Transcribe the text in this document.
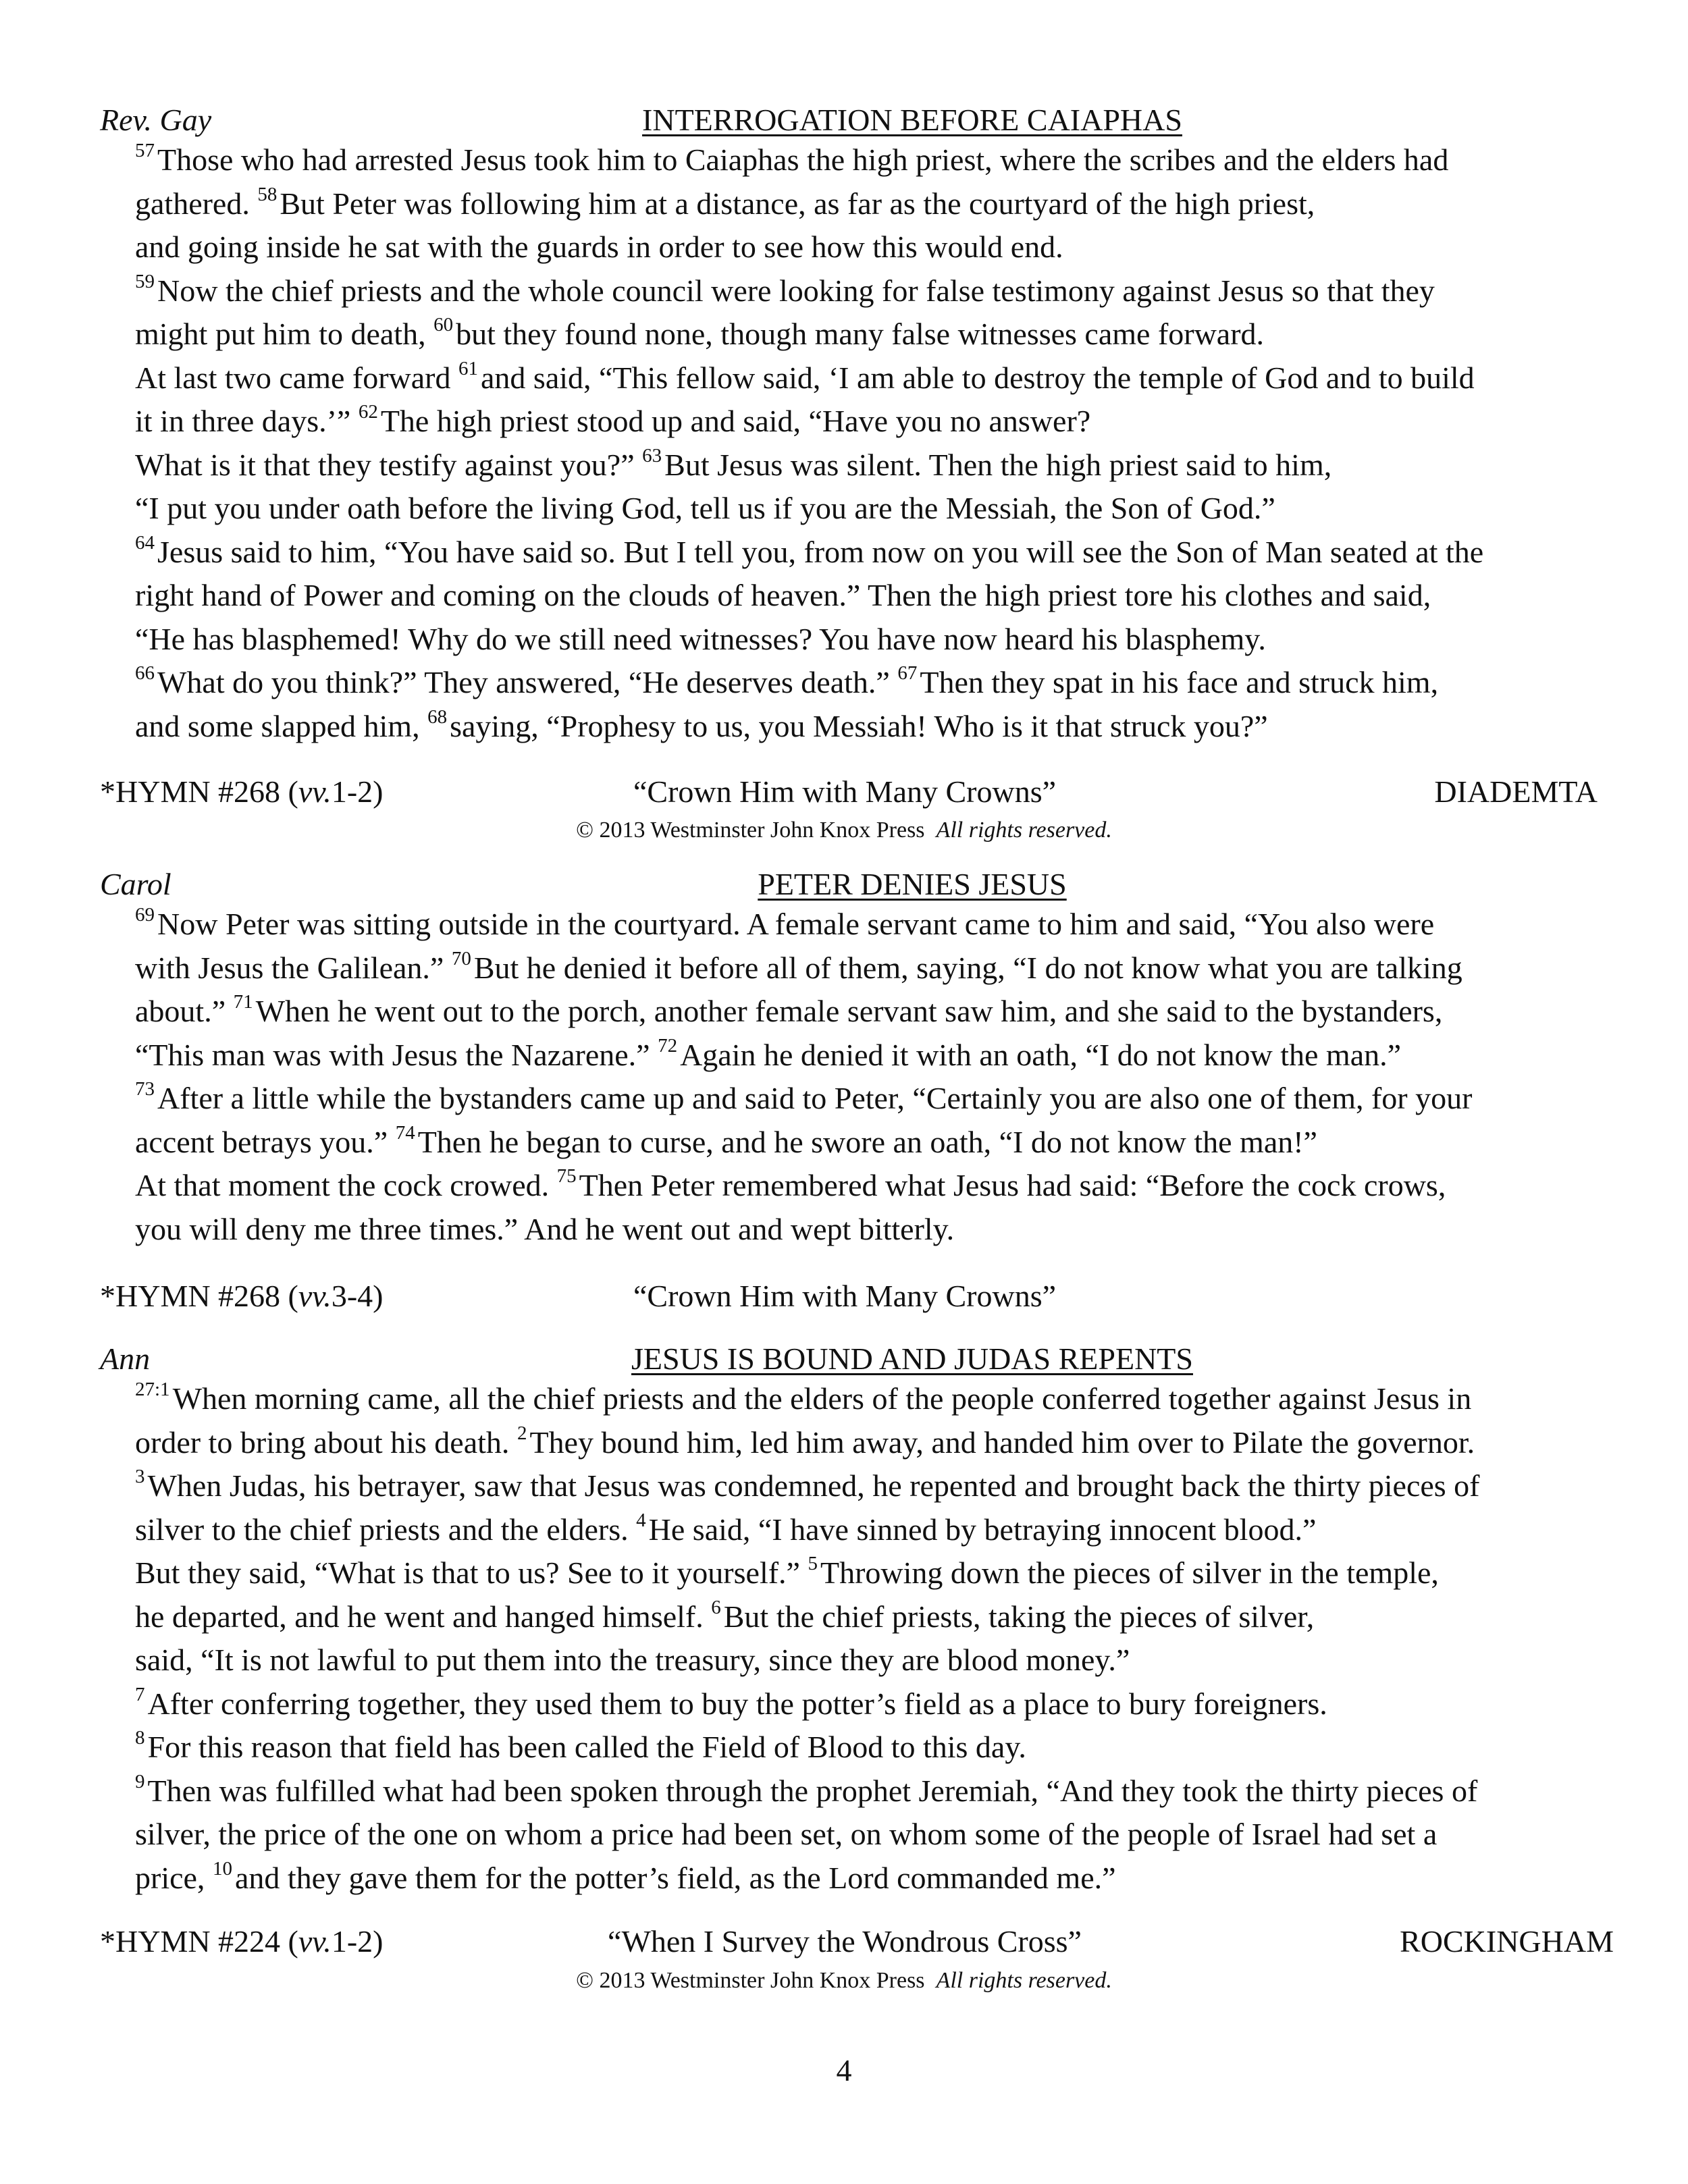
Rev. Gay	INTERROGATION BEFORE CAIAPHAS
$^{57}$Those who had arrested Jesus took him to Caiaphas the high priest, where the scribes and the elders had
gathered. $^{58}$But Peter was following him at a distance, as far as the courtyard of the high priest,
and going inside he sat with the guards in order to see how this would end.
$^{59}$Now the chief priests and the whole council were looking for false testimony against Jesus so that they
might put him to death, $^{60}$but they found none, though many false witnesses came forward.
At last two came forward $^{61}$and said, “This fellow said, ‘I am able to destroy the temple of God and to build
it in three days.’” $^{62}$The high priest stood up and said, “Have you no answer?
What is it that they testify against you?” $^{63}$But Jesus was silent. Then the high priest said to him,
“I put you under oath before the living God, tell us if you are the Messiah, the Son of God.”
$^{64}$Jesus said to him, “You have said so. But I tell you, from now on you will see the Son of Man seated at the
right hand of Power and coming on the clouds of heaven.” Then the high priest tore his clothes and said,
“He has blasphemed! Why do we still need witnesses? You have now heard his blasphemy.
$^{66}$What do you think?” They answered, “He deserves death.” $^{67}$Then they spat in his face and struck him,
and some slapped him, $^{68}$saying, “Prophesy to us, you Messiah! Who is it that struck you?”
*HYMN #268 (vv.1-2)	“Crown Him with Many Crowns”	DIADEMTA
© 2013 Westminster John Knox Press All rights reserved.
Carol	PETER DENIES JESUS
$^{69}$Now Peter was sitting outside in the courtyard. A female servant came to him and said, “You also were
with Jesus the Galilean.” $^{70}$But he denied it before all of them, saying, “I do not know what you are talking
about.” $^{71}$When he went out to the porch, another female servant saw him, and she said to the bystanders,
“This man was with Jesus the Nazarene.” $^{72}$Again he denied it with an oath, “I do not know the man.”
$^{73}$After a little while the bystanders came up and said to Peter, “Certainly you are also one of them, for your
accent betrays you.” $^{74}$Then he began to curse, and he swore an oath, “I do not know the man!”
At that moment the cock crowed. $^{75}$Then Peter remembered what Jesus had said: “Before the cock crows,
you will deny me three times.” And he went out and wept bitterly.
*HYMN #268 (vv.3-4)	“Crown Him with Many Crowns”
Ann	JESUS IS BOUND AND JUDAS REPENTS
$^{27:1}$When morning came, all the chief priests and the elders of the people conferred together against Jesus in
order to bring about his death. $^2$They bound him, led him away, and handed him over to Pilate the governor.
$^3$When Judas, his betrayer, saw that Jesus was condemned, he repented and brought back the thirty pieces of
silver to the chief priests and the elders. $^4$He said, “I have sinned by betraying innocent blood.”
But they said, “What is that to us? See to it yourself.” $^5$Throwing down the pieces of silver in the temple,
he departed, and he went and hanged himself. $^6$But the chief priests, taking the pieces of silver,
said, “It is not lawful to put them into the treasury, since they are blood money.”
$^7$After conferring together, they used them to buy the potter’s field as a place to bury foreigners.
$^8$For this reason that field has been called the Field of Blood to this day.
$^9$Then was fulfilled what had been spoken through the prophet Jeremiah, “And they took the thirty pieces of
silver, the price of the one on whom a price had been set, on whom some of the people of Israel had set a
price, $^{10}$and they gave them for the potter’s field, as the Lord commanded me.”
*HYMN #224 (vv.1-2)	“When I Survey the Wondrous Cross”	ROCKINGHAM
© 2013 Westminster John Knox Press All rights reserved.
4
